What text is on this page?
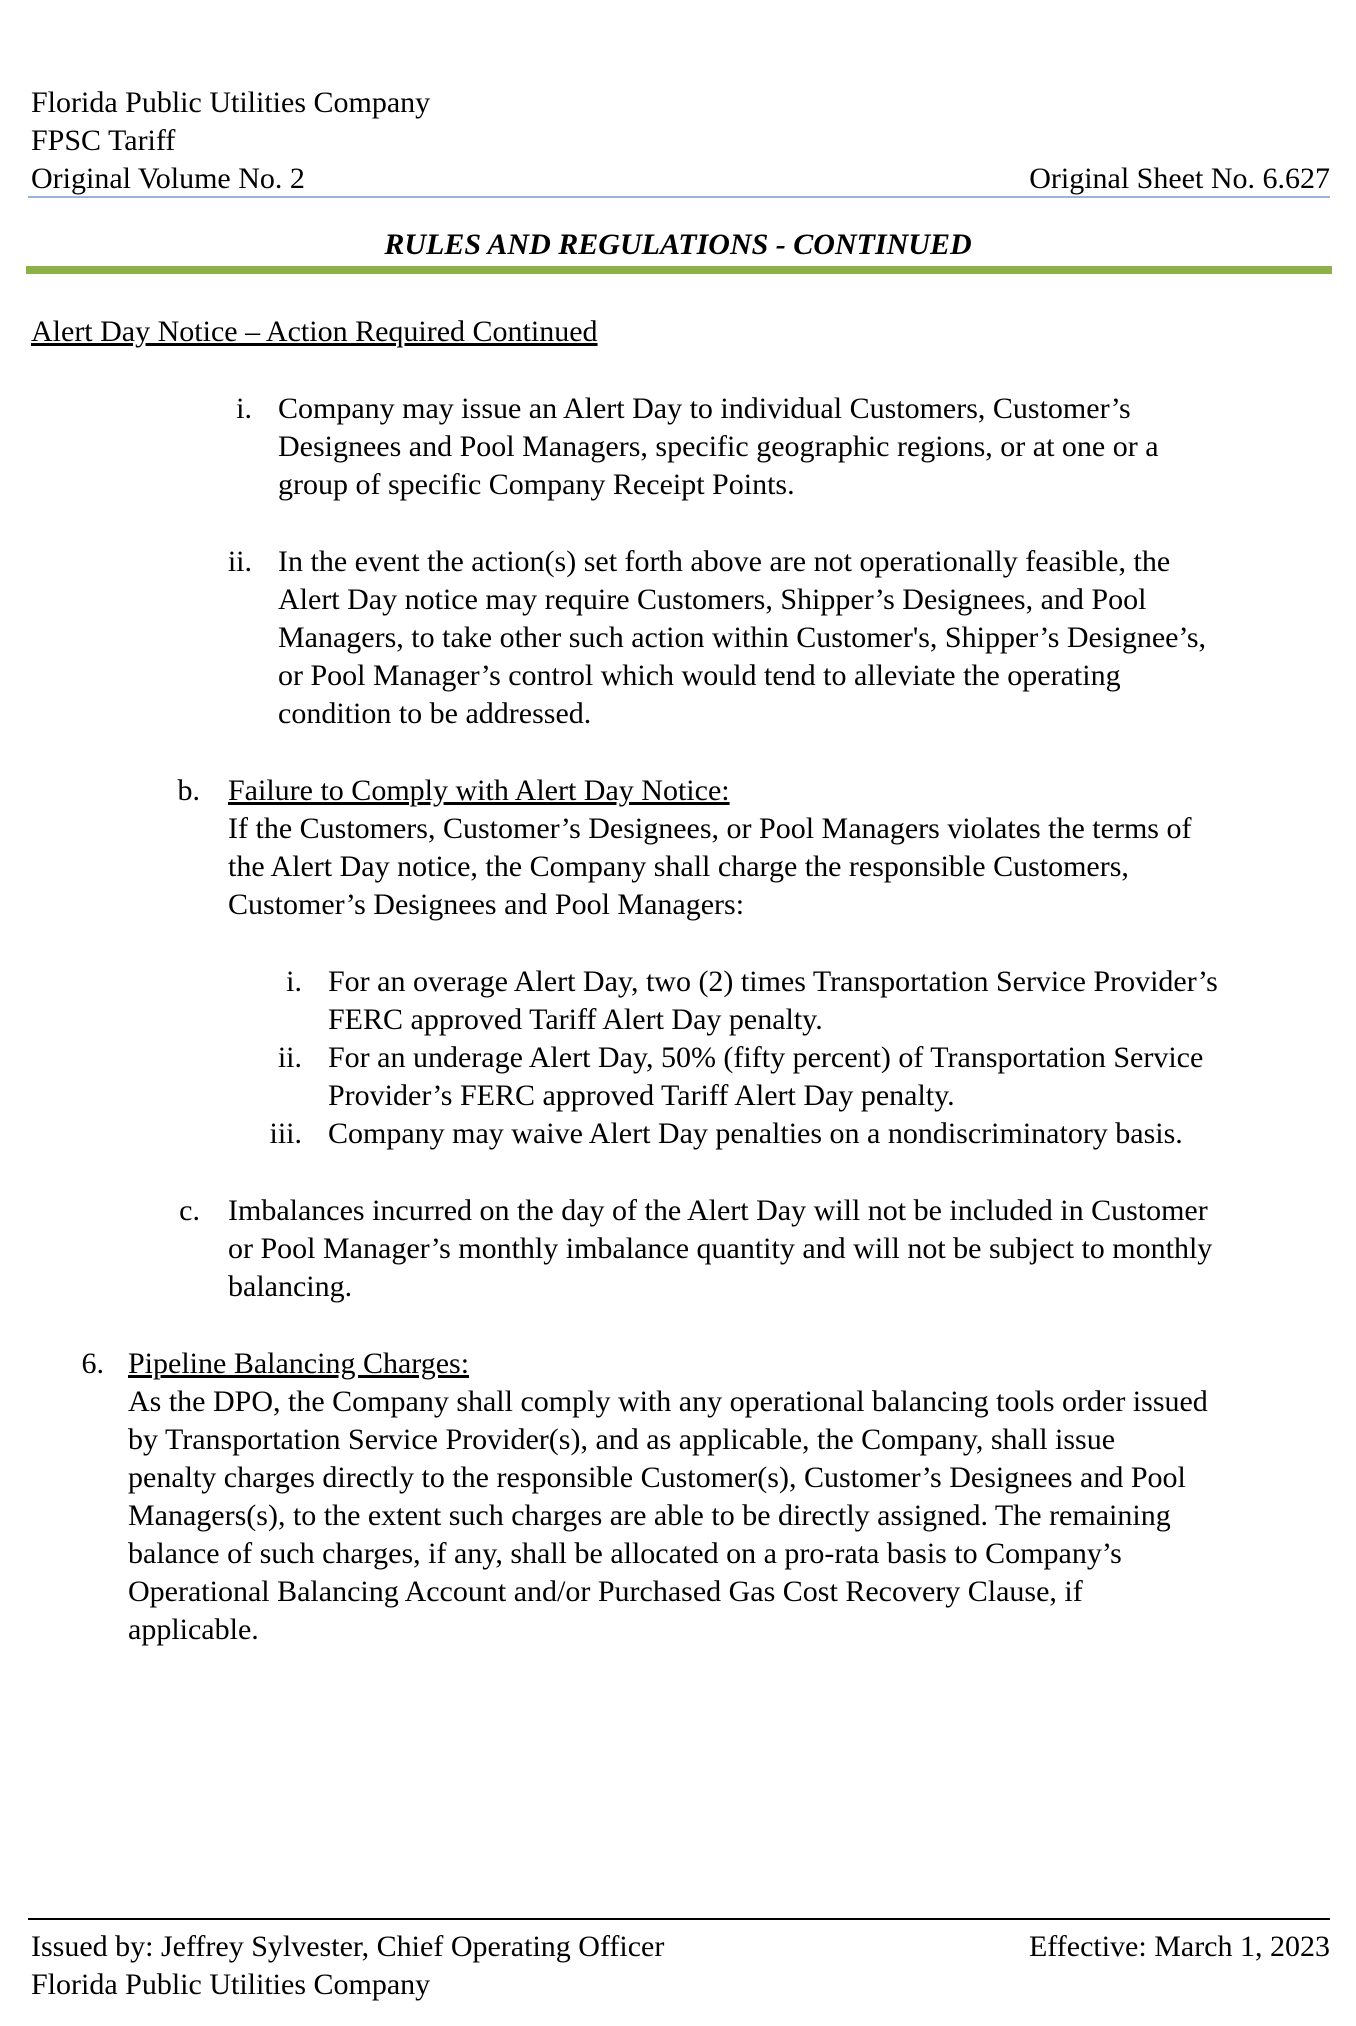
Florida Public Utilities Company
FPSC Tariff
Original Volume No. 2	Original Sheet No. 6.627
RULES AND REGULATIONS - CONTINUED
Alert Day Notice – Action Required Continued
i. Company may issue an Alert Day to individual Customers, Customer’s

Designees and Pool Managers, specific geographic regions, or at one or a

group of specific Company Receipt Points.

ii. In the event the action(s) set forth above are not operationally feasible, the

Alert Day notice may require Customers, Shipper’s Designees, and Pool

Managers, to take other such action within Customer's, Shipper’s Designee’s,

or Pool Manager’s control which would tend to alleviate the operating

condition to be addressed.

b. Failure to Comply with Alert Day Notice:

If the Customers, Customer’s Designees, or Pool Managers violates the terms of

the Alert Day notice, the Company shall charge the responsible Customers,

Customer’s Designees and Pool Managers:

i. For an overage Alert Day, two (2) times Transportation Service Provider’s

FERC approved Tariff Alert Day penalty.

ii. For an underage Alert Day, 50% (fifty percent) of Transportation Service

Provider’s FERC approved Tariff Alert Day penalty.

iii. Company may waive Alert Day penalties on a nondiscriminatory basis.

c. Imbalances incurred on the day of the Alert Day will not be included in Customer

or Pool Manager’s monthly imbalance quantity and will not be subject to monthly

balancing.

6. Pipeline Balancing Charges:

As the DPO, the Company shall comply with any operational balancing tools order issued

by Transportation Service Provider(s), and as applicable, the Company, shall issue

penalty charges directly to the responsible Customer(s), Customer’s Designees and Pool

Managers(s), to the extent such charges are able to be directly assigned. The remaining

balance of such charges, if any, shall be allocated on a pro-rata basis to Company’s

Operational Balancing Account and/or Purchased Gas Cost Recovery Clause, if

applicable.

Issued by: Jeffrey Sylvester, Chief Operating Officer	Effective: March 1, 2023
Florida Public Utilities Company
